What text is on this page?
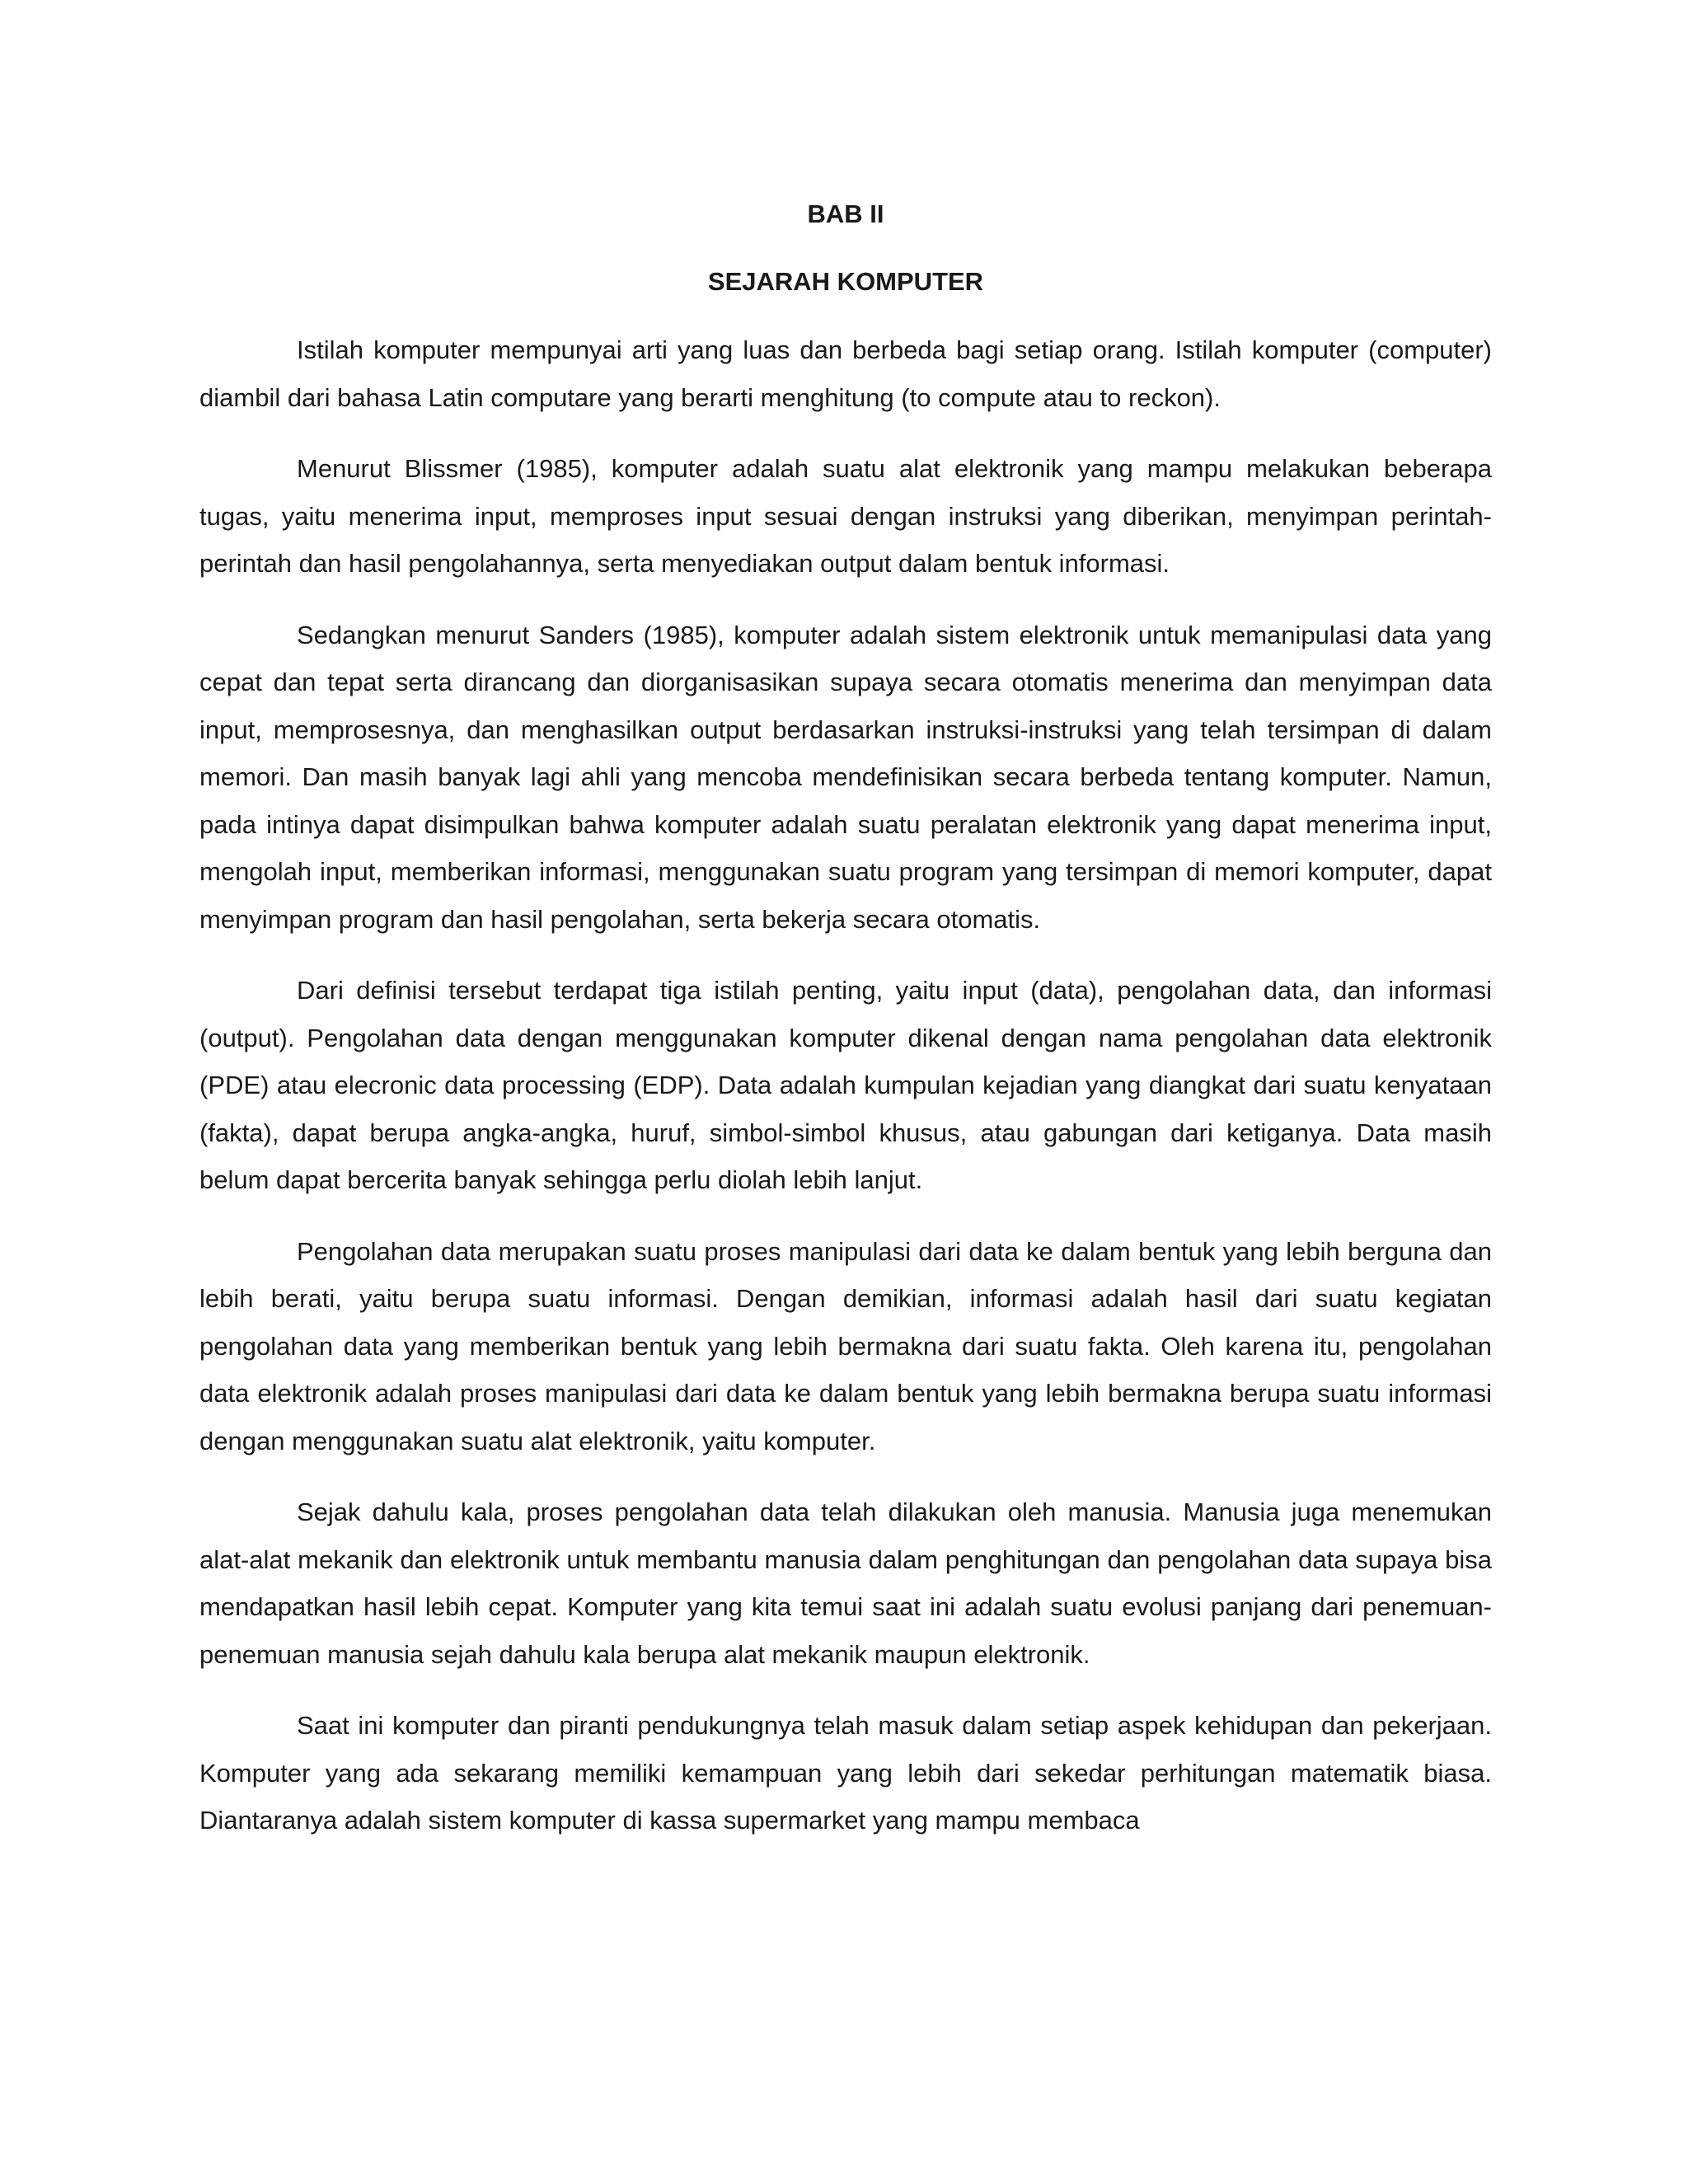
BAB II
SEJARAH KOMPUTER

Istilah komputer mempunyai arti yang luas dan berbeda bagi setiap orang. Istilah komputer (computer) diambil dari bahasa Latin computare yang berarti menghitung (to compute atau to reckon).

Menurut Blissmer (1985), komputer adalah suatu alat elektronik yang mampu melakukan beberapa tugas, yaitu menerima input, memproses input sesuai dengan instruksi yang diberikan, menyimpan perintah-perintah dan hasil pengolahannya, serta menyediakan output dalam bentuk informasi.

Sedangkan menurut Sanders (1985), komputer adalah sistem elektronik untuk memanipulasi data yang cepat dan tepat serta dirancang dan diorganisasikan supaya secara otomatis menerima dan menyimpan data input, memprosesnya, dan menghasilkan output berdasarkan instruksi-instruksi yang telah tersimpan di dalam memori. Dan masih banyak lagi ahli yang mencoba mendefinisikan secara berbeda tentang komputer. Namun, pada intinya dapat disimpulkan bahwa komputer adalah suatu peralatan elektronik yang dapat menerima input, mengolah input, memberikan informasi, menggunakan suatu program yang tersimpan di memori komputer, dapat menyimpan program dan hasil pengolahan, serta bekerja secara otomatis.

Dari definisi tersebut terdapat tiga istilah penting, yaitu input (data), pengolahan data, dan informasi (output). Pengolahan data dengan menggunakan komputer dikenal dengan nama pengolahan data elektronik (PDE) atau elecronic data processing (EDP). Data adalah kumpulan kejadian yang diangkat dari suatu kenyataan (fakta), dapat berupa angka-angka, huruf, simbol-simbol khusus, atau gabungan dari ketiganya. Data masih belum dapat bercerita banyak sehingga perlu diolah lebih lanjut.

Pengolahan data merupakan suatu proses manipulasi dari data ke dalam bentuk yang lebih berguna dan lebih berati, yaitu berupa suatu informasi. Dengan demikian, informasi adalah hasil dari suatu kegiatan pengolahan data yang memberikan bentuk yang lebih bermakna dari suatu fakta. Oleh karena itu, pengolahan data elektronik adalah proses manipulasi dari data ke dalam bentuk yang lebih bermakna berupa suatu informasi dengan menggunakan suatu alat elektronik, yaitu komputer.

Sejak dahulu kala, proses pengolahan data telah dilakukan oleh manusia. Manusia juga menemukan alat-alat mekanik dan elektronik untuk membantu manusia dalam penghitungan dan pengolahan data supaya bisa mendapatkan hasil lebih cepat. Komputer yang kita temui saat ini adalah suatu evolusi panjang dari penemuan-penemuan manusia sejah dahulu kala berupa alat mekanik maupun elektronik.

Saat ini komputer dan piranti pendukungnya telah masuk dalam setiap aspek kehidupan dan pekerjaan. Komputer yang ada sekarang memiliki kemampuan yang lebih dari sekedar perhitungan matematik biasa. Diantaranya adalah sistem komputer di kassa supermarket yang mampu membaca
